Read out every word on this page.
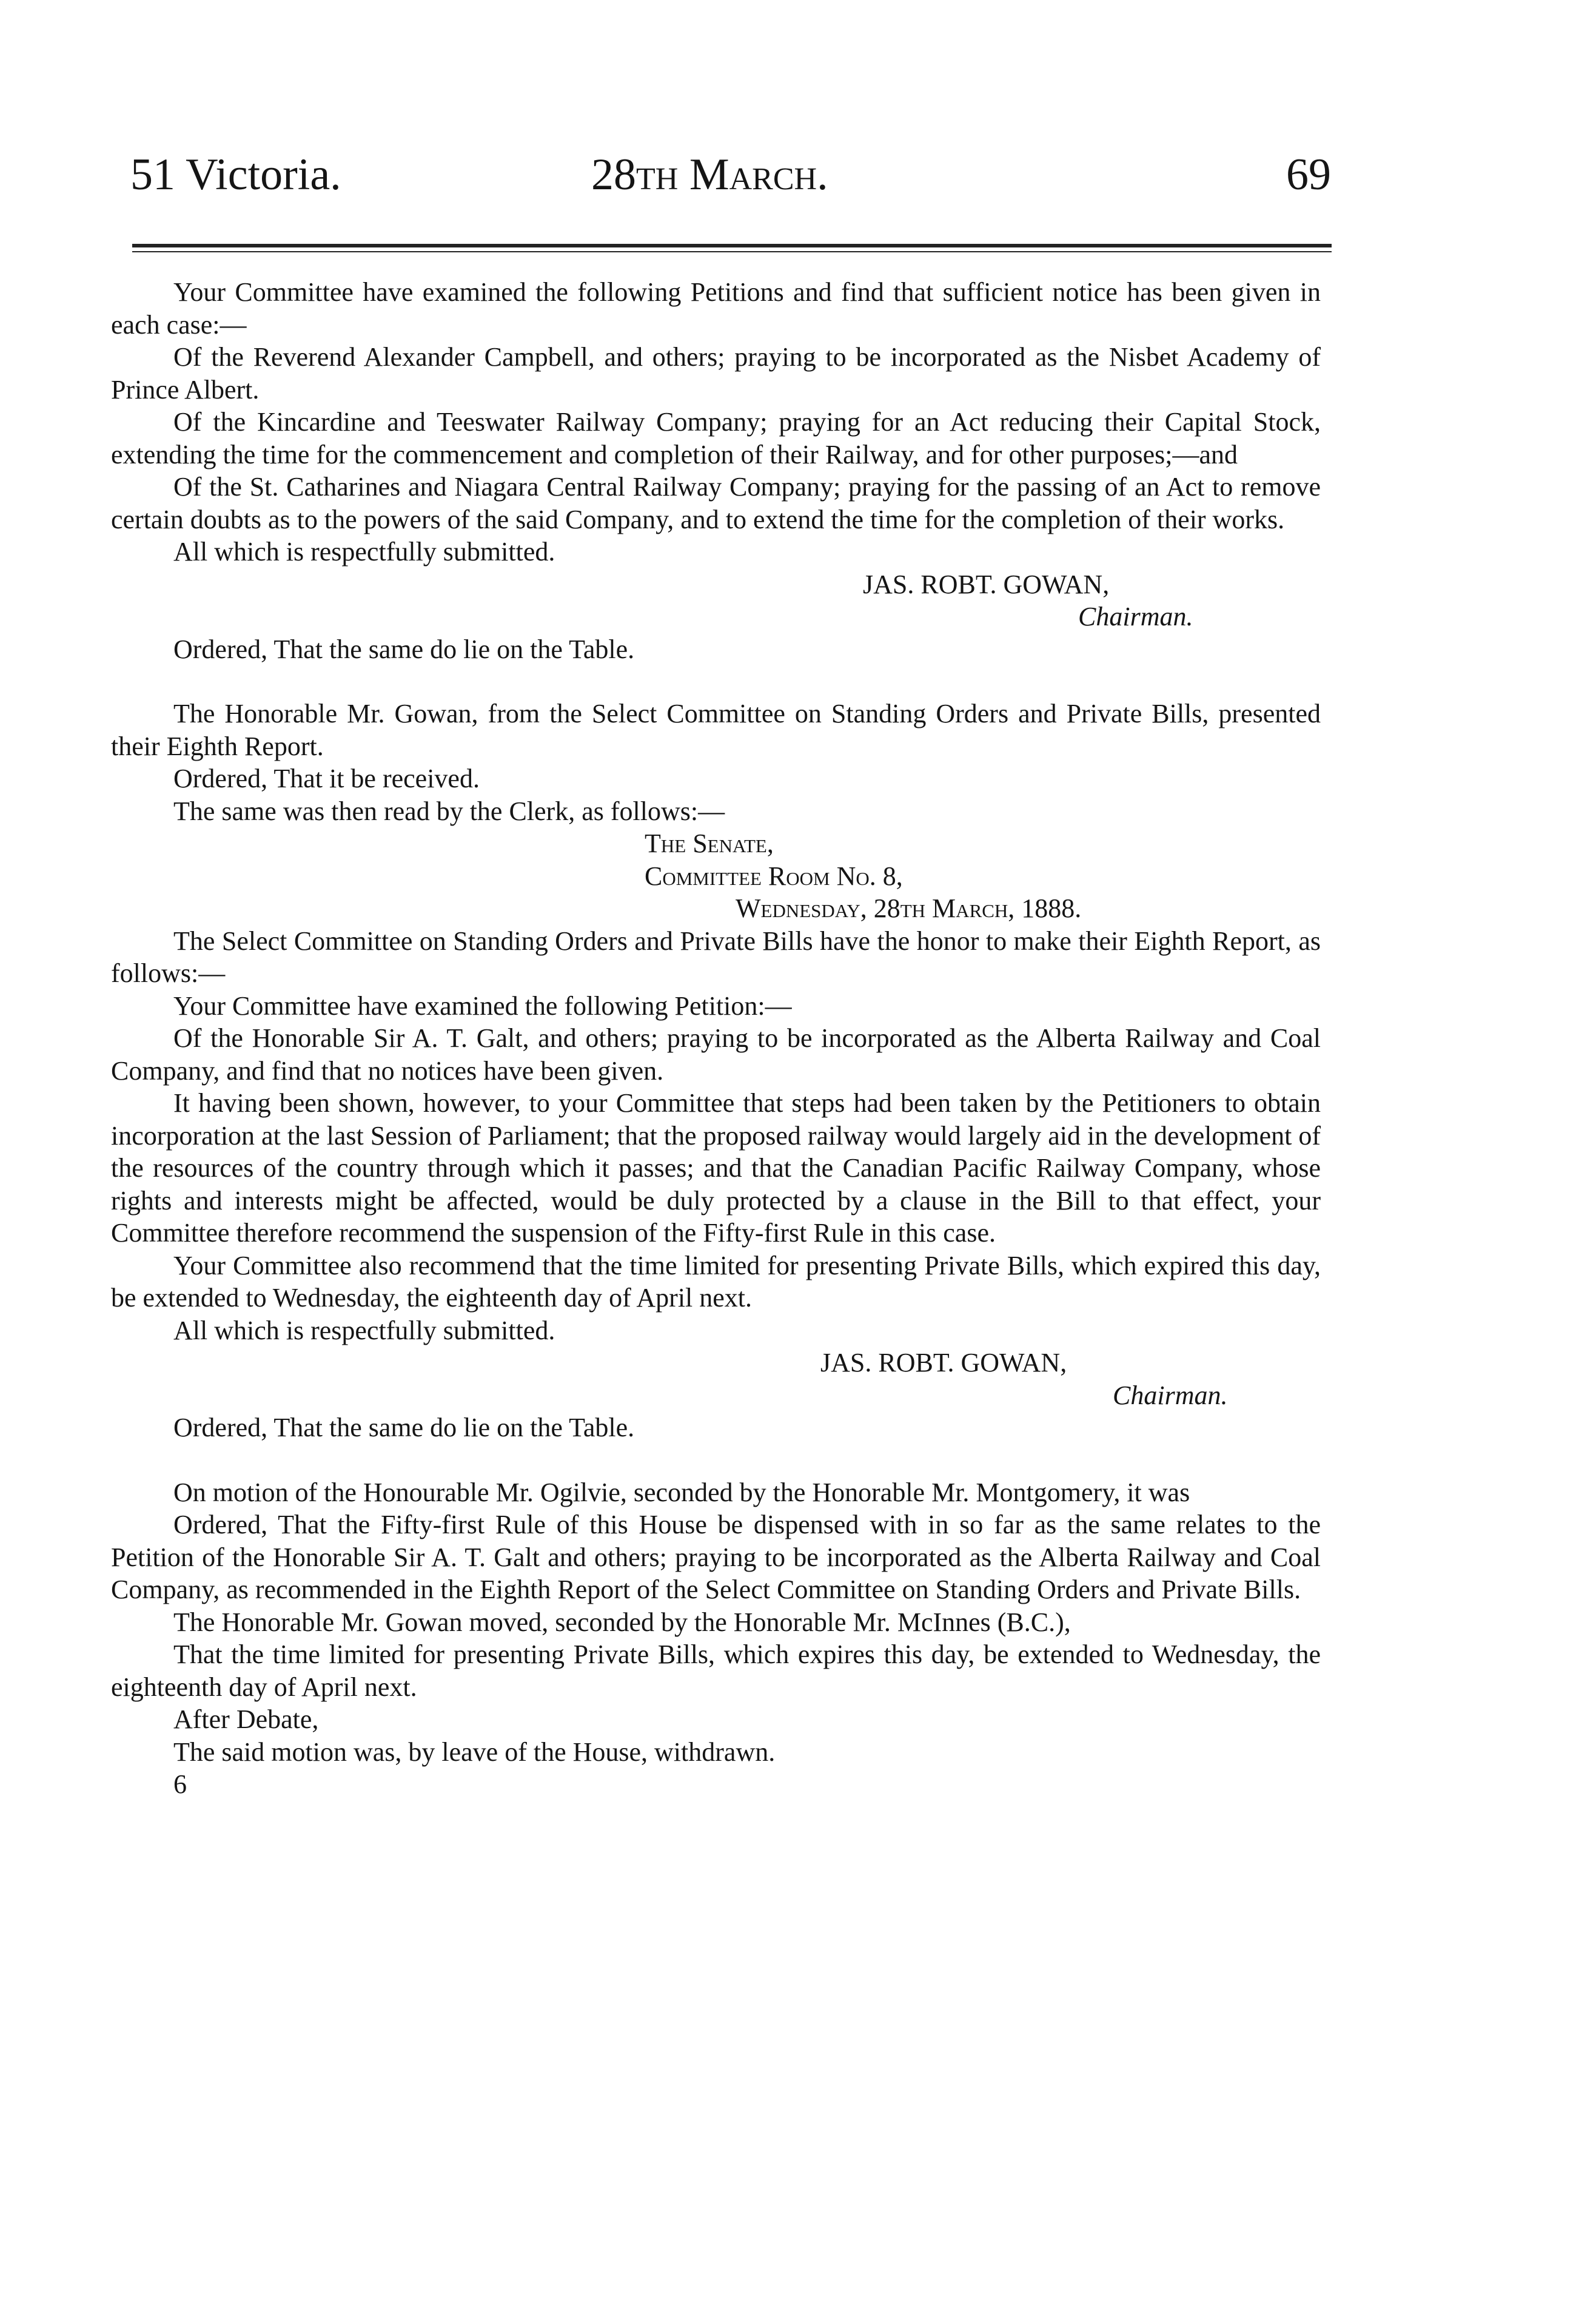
51 Victoria.	28th March.	69

Your Committee have examined the following Petitions and find that sufficient notice has been given in each case:—

Of the Reverend Alexander Campbell, and others; praying to be incorporated as the Nisbet Academy of Prince Albert.

Of the Kincardine and Teeswater Railway Company; praying for an Act reducing their Capital Stock, extending the time for the commencement and completion of their Railway, and for other purposes;—and

Of the St. Catharines and Niagara Central Railway Company; praying for the passing of an Act to remove certain doubts as to the powers of the said Company, and to extend the time for the completion of their works.

All which is respectfully submitted.

JAS. ROBT. GOWAN,

Chairman.

Ordered, That the same do lie on the Table.

The Honorable Mr. Gowan, from the Select Committee on Standing Orders and Private Bills, presented their Eighth Report.

Ordered, That it be received.

The same was then read by the Clerk, as follows:—

The Senate,

Committee Room No. 8,

Wednesday, 28th March, 1888.

The Select Committee on Standing Orders and Private Bills have the honor to make their Eighth Report, as follows:—

Your Committee have examined the following Petition:—

Of the Honorable Sir A. T. Galt, and others; praying to be incorporated as the Alberta Railway and Coal Company, and find that no notices have been given.

It having been shown, however, to your Committee that steps had been taken by the Petitioners to obtain incorporation at the last Session of Parliament; that the proposed railway would largely aid in the development of the resources of the country through which it passes; and that the Canadian Pacific Railway Company, whose rights and interests might be affected, would be duly protected by a clause in the Bill to that effect, your Committee therefore recommend the suspension of the Fifty-first Rule in this case.

Your Committee also recommend that the time limited for presenting Private Bills, which expired this day, be extended to Wednesday, the eighteenth day of April next.

All which is respectfully submitted.

JAS. ROBT. GOWAN,

Chairman.

Ordered, That the same do lie on the Table.

On motion of the Honourable Mr. Ogilvie, seconded by the Honorable Mr. Montgomery, it was

Ordered, That the Fifty-first Rule of this House be dispensed with in so far as the same relates to the Petition of the Honorable Sir A. T. Galt and others; praying to be incorporated as the Alberta Railway and Coal Company, as recommended in the Eighth Report of the Select Committee on Standing Orders and Private Bills.

The Honorable Mr. Gowan moved, seconded by the Honorable Mr. McInnes (B.C.),

That the time limited for presenting Private Bills, which expires this day, be extended to Wednesday, the eighteenth day of April next.

After Debate,

The said motion was, by leave of the House, withdrawn.

6
